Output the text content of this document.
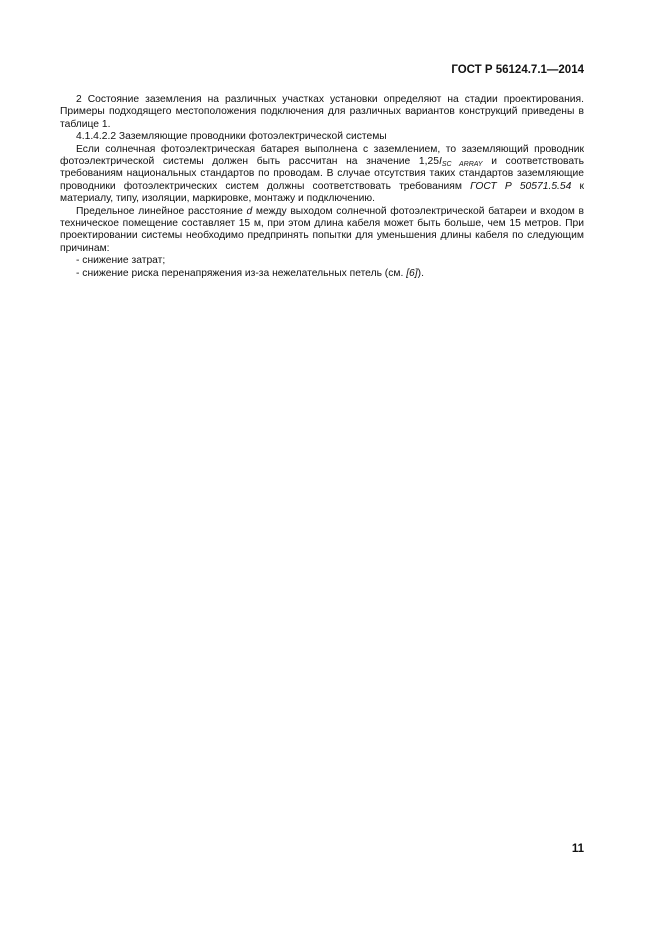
ГОСТ Р 56124.7.1—2014

2 Состояние заземления на различных участках установки определяют на стадии проектирования. Примеры подходящего местоположения подключения для различных вариантов конструкций приведены в таблице 1.

4.1.4.2.2 Заземляющие проводники фотоэлектрической системы

Если солнечная фотоэлектрическая батарея выполнена с заземлением, то заземляющий проводник фотоэлектрической системы должен быть рассчитан на значение $1,25I_{SC ARRAY}$ и соответствовать требованиям национальных стандартов по проводам. В случае отсутствия таких стандартов заземляющие проводники фотоэлектрических систем должны соответствовать требованиям ГОСТ Р 50571.5.54 к материалу, типу, изоляции, маркировке, монтажу и подключению.

Предельное линейное расстояние d между выходом солнечной фотоэлектрической батареи и входом в техническое помещение составляет 15 м, при этом длина кабеля может быть больше, чем 15 метров. При проектировании системы необходимо предпринять попытки для уменьшения длины кабеля по следующим причинам:

- снижение затрат;

- снижение риска перенапряжения из-за нежелательных петель (см. [6]).

11
